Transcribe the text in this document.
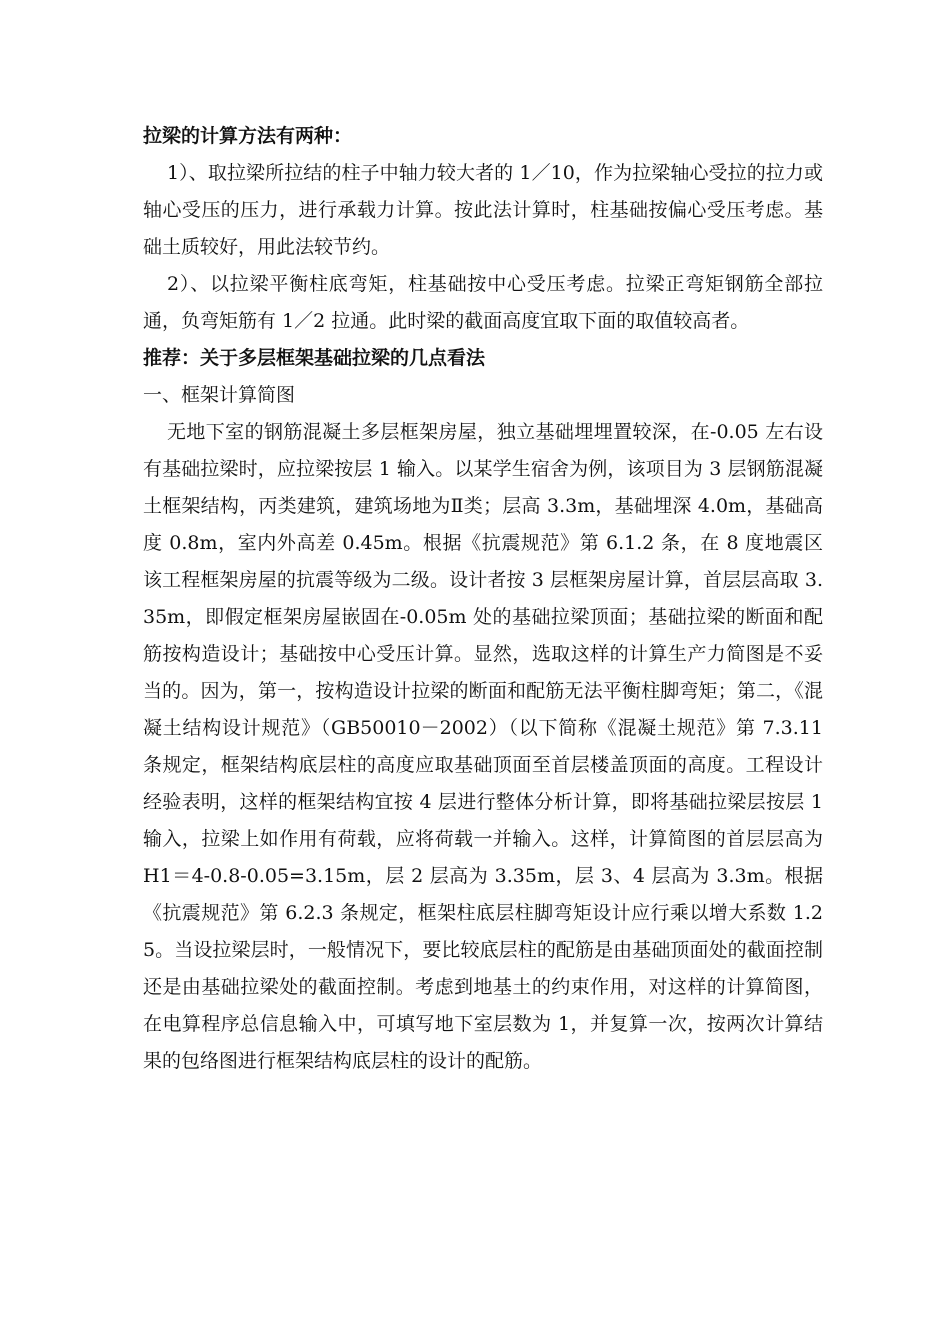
拉梁的计算方法有两种：

1）、取拉梁所拉结的柱子中轴力较大者的 1／10，作为拉梁轴心受拉的拉力或轴心受压的压力，进行承载力计算。按此法计算时，柱基础按偏心受压考虑。基础土质较好，用此法较节约。

2）、以拉梁平衡柱底弯矩，柱基础按中心受压考虑。拉梁正弯矩钢筋全部拉通，负弯矩筋有 1／2 拉通。此时梁的截面高度宜取下面的取值较高者。

推荐：关于多层框架基础拉梁的几点看法

一、框架计算简图

无地下室的钢筋混凝土多层框架房屋，独立基础埋埋置较深，在-0.05 左右设有基础拉梁时，应拉梁按层 1 输入。以某学生宿舍为例，该项目为 3 层钢筋混凝土框架结构，丙类建筑，建筑场地为Ⅱ类；层高 3.3m，基础埋深 4.0m，基础高度 0.8m，室内外高差 0.45m。根据《抗震规范》第 6.1.2 条，在 8 度地震区该工程框架房屋的抗震等级为二级。设计者按 3 层框架房屋计算，首层层高取 3.35m，即假定框架房屋嵌固在-0.05m 处的基础拉梁顶面；基础拉梁的断面和配筋按构造设计；基础按中心受压计算。显然，选取这样的计算生产力简图是不妥当的。因为，第一，按构造设计拉梁的断面和配筋无法平衡柱脚弯矩；第二，《混凝土结构设计规范》（GB50010－2002）（以下简称《混凝土规范》第 7.3.11 条规定，框架结构底层柱的高度应取基础顶面至首层楼盖顶面的高度。工程设计经验表明，这样的框架结构宜按 4 层进行整体分析计算，即将基础拉梁层按层 1 输入，拉梁上如作用有荷载，应将荷载一并输入。这样，计算简图的首层层高为 H1＝4-0.8-0.05=3.15m，层 2 层高为 3.35m，层 3、4 层高为 3.3m。根据《抗震规范》第 6.2.3 条规定，框架柱底层柱脚弯矩设计应行乘以增大系数 1.25。当设拉梁层时，一般情况下，要比较底层柱的配筋是由基础顶面处的截面控制还是由基础拉梁处的截面控制。考虑到地基土的约束作用，对这样的计算简图，在电算程序总信息输入中，可填写地下室层数为 1，并复算一次，按两次计算结果的包络图进行框架结构底层柱的设计的配筋。
